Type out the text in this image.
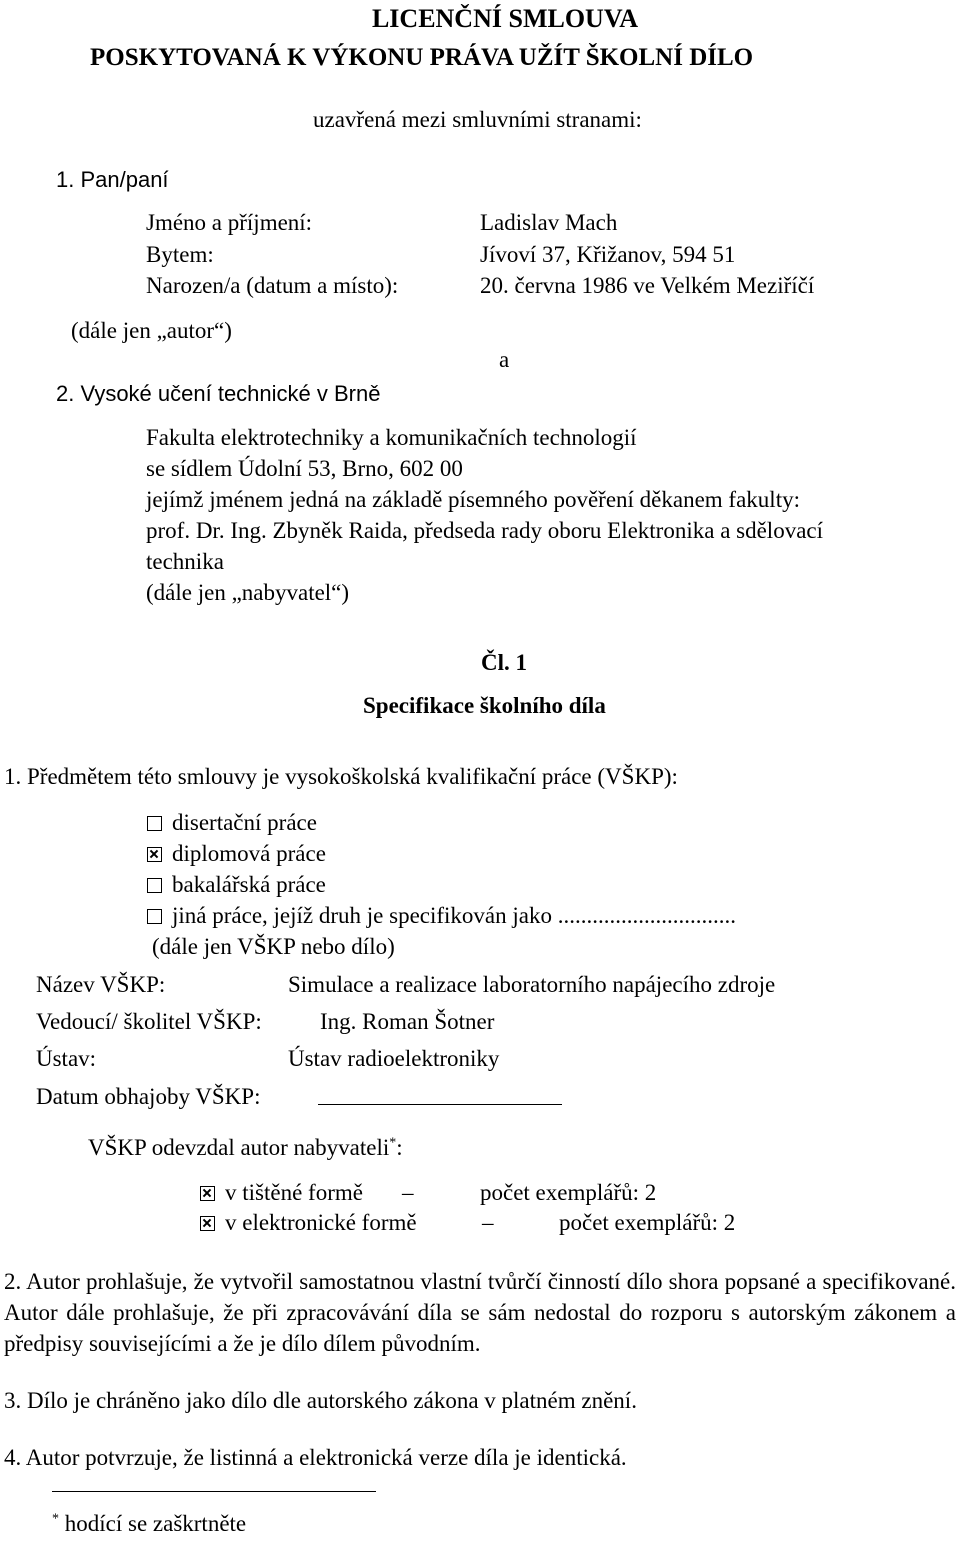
LICENČNÍ SMLOUVA
POSKYTOVANÁ K VÝKONU PRÁVA UŽÍT ŠKOLNÍ DÍLO
uzavřená mezi smluvními stranami:
1. Pan/paní
Jméno a příjmení:	Ladislav Mach
Bytem:	Jívoví 37, Křižanov, 594 51
Narozen/a (datum a místo):	20. června 1986 ve Velkém Meziříčí
(dále jen „autor“)
a
2. Vysoké učení technické v Brně
Fakulta elektrotechniky a komunikačních technologií
se sídlem Údolní 53, Brno, 602 00
jejímž jménem jedná na základě písemného pověření děkanem fakulty:
prof. Dr. Ing. Zbyněk Raida, předseda rady oboru Elektronika a sdělovací
technika
(dále jen „nabyvatel“)
Čl. 1
Specifikace školního díla
1. Předmětem této smlouvy je vysokoškolská kvalifikační práce (VŠKP):
disertační práce
diplomová práce
bakalářská práce
jiná práce, jejíž druh je specifikován jako ...............................
(dále jen VŠKP nebo dílo)
Název VŠKP:	Simulace a realizace laboratorního napájecího zdroje
Vedoucí/ školitel VŠKP:	Ing. Roman Šotner
Ústav:	Ústav radioelektroniky
Datum obhajoby VŠKP:
VŠKP odevzdal autor nabyvateli*:
v tištěné formě –	počet exemplářů: 2
v elektronické formě	–	počet exemplářů: 2
2. Autor prohlašuje, že vytvořil samostatnou vlastní tvůrčí činností dílo shora popsané a specifikované. Autor dále prohlašuje, že při zpracovávání díla se sám nedostal do rozporu s autorským zákonem a předpisy souvisejícími a že je dílo dílem původním.
3. Dílo je chráněno jako dílo dle autorského zákona v platném znění.
4. Autor potvrzuje, že listinná a elektronická verze díla je identická.
* hodící se zaškrtněte
